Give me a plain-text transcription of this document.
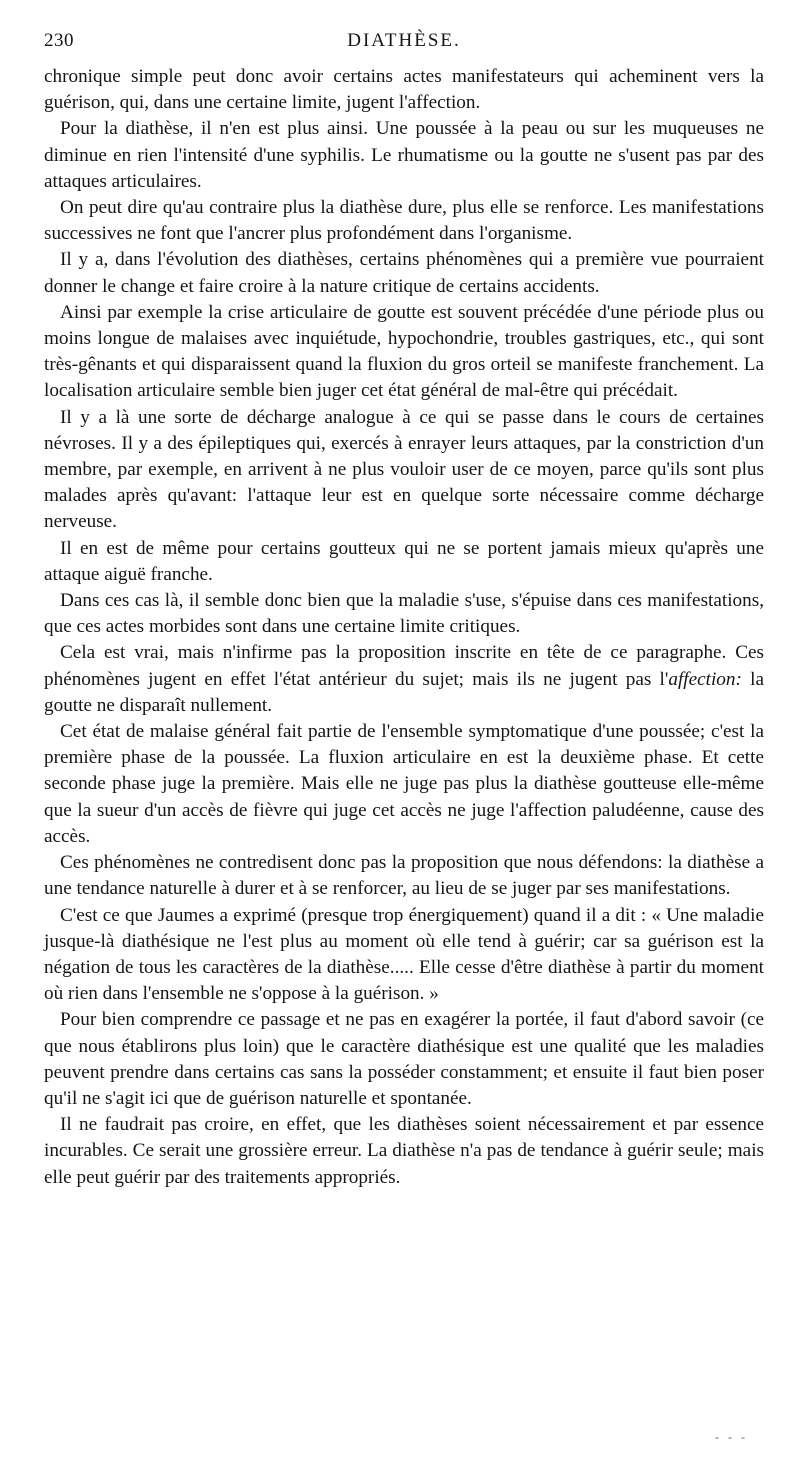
230	DIATHÈSE.

chronique simple peut donc avoir certains actes manifestateurs qui acheminent vers la guérison, qui, dans une certaine limite, jugent l'affection.

Pour la diathèse, il n'en est plus ainsi. Une poussée à la peau ou sur les muqueuses ne diminue en rien l'intensité d'une syphilis. Le rhumatisme ou la goutte ne s'usent pas par des attaques articulaires.

On peut dire qu'au contraire plus la diathèse dure, plus elle se renforce. Les manifestations successives ne font que l'ancrer plus profondément dans l'organisme.

Il y a, dans l'évolution des diathèses, certains phénomènes qui a première vue pourraient donner le change et faire croire à la nature critique de certains accidents.

Ainsi par exemple la crise articulaire de goutte est souvent précédée d'une période plus ou moins longue de malaises avec inquiétude, hypochondrie, troubles gastriques, etc., qui sont très-gênants et qui disparaissent quand la fluxion du gros orteil se manifeste franchement. La localisation articulaire semble bien juger cet état général de mal-être qui précédait.

Il y a là une sorte de décharge analogue à ce qui se passe dans le cours de certaines névroses. Il y a des épileptiques qui, exercés à enrayer leurs attaques, par la constriction d'un membre, par exemple, en arrivent à ne plus vouloir user de ce moyen, parce qu'ils sont plus malades après qu'avant: l'attaque leur est en quelque sorte nécessaire comme décharge nerveuse.

Il en est de même pour certains goutteux qui ne se portent jamais mieux qu'après une attaque aiguë franche.

Dans ces cas là, il semble donc bien que la maladie s'use, s'épuise dans ces manifestations, que ces actes morbides sont dans une certaine limite critiques.

Cela est vrai, mais n'infirme pas la proposition inscrite en tête de ce paragraphe. Ces phénomènes jugent en effet l'état antérieur du sujet; mais ils ne jugent pas l'affection: la goutte ne disparaît nullement.

Cet état de malaise général fait partie de l'ensemble symptomatique d'une poussée; c'est la première phase de la poussée. La fluxion articulaire en est la deuxième phase. Et cette seconde phase juge la première. Mais elle ne juge pas plus la diathèse goutteuse elle-même que la sueur d'un accès de fièvre qui juge cet accès ne juge l'affection paludéenne, cause des accès.

Ces phénomènes ne contredisent donc pas la proposition que nous défendons: la diathèse a une tendance naturelle à durer et à se renforcer, au lieu de se juger par ses manifestations.

C'est ce que Jaumes a exprimé (presque trop énergiquement) quand il a dit : « Une maladie jusque-là diathésique ne l'est plus au moment où elle tend à guérir; car sa guérison est la négation de tous les caractères de la diathèse..... Elle cesse d'être diathèse à partir du moment où rien dans l'ensemble ne s'oppose à la guérison. »

Pour bien comprendre ce passage et ne pas en exagérer la portée, il faut d'abord savoir (ce que nous établirons plus loin) que le caractère diathésique est une qualité que les maladies peuvent prendre dans certains cas sans la posséder constamment; et ensuite il faut bien poser qu'il ne s'agit ici que de guérison naturelle et spontanée.

Il ne faudrait pas croire, en effet, que les diathèses soient nécessairement et par essence incurables. Ce serait une grossière erreur. La diathèse n'a pas de tendance à guérir seule; mais elle peut guérir par des traitements appropriés.

- - -
